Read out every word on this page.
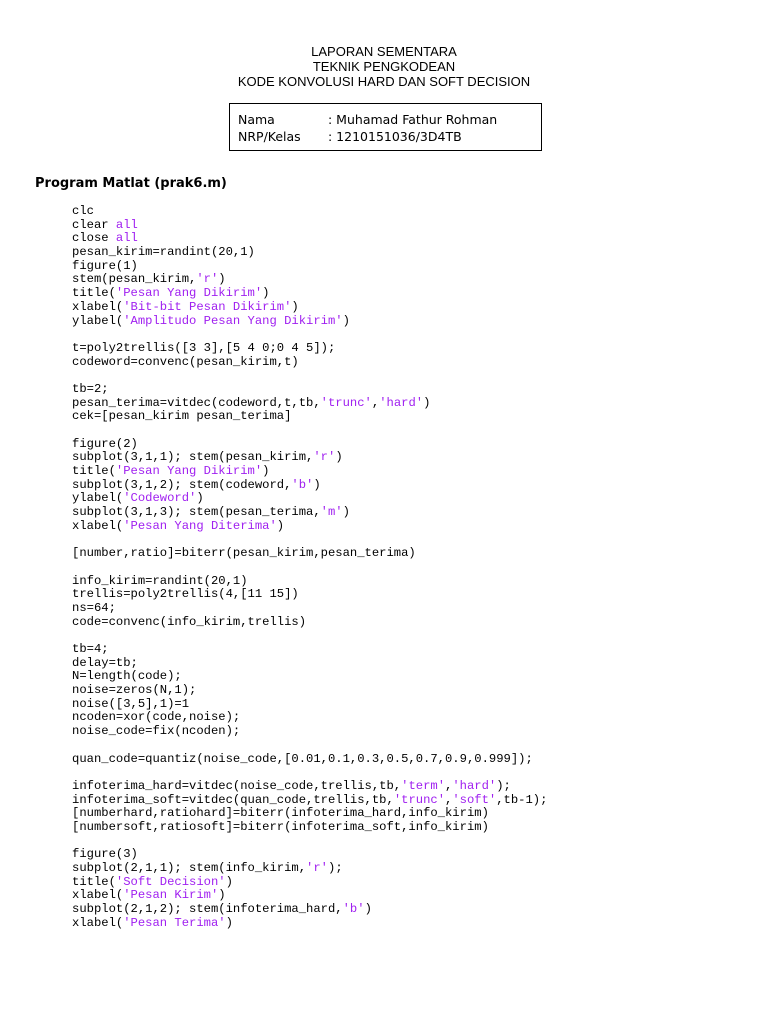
LAPORAN SEMENTARA
TEKNIK PENGKODEAN
KODE KONVOLUSI HARD DAN SOFT DECISION
Nama	: Muhamad Fathur Rohman
NRP/Kelas : 1210151036/3D4TB
Program Matlat (prak6.m)
clc
clear all
close all
pesan_kirim=randint(20,1)
figure(1)
stem(pesan_kirim,'r')
title('Pesan Yang Dikirim')
xlabel('Bit-bit Pesan Dikirim')
ylabel('Amplitudo Pesan Yang Dikirim')
t=poly2trellis([3 3],[5 4 0;0 4 5]);
codeword=convenc(pesan_kirim,t)
tb=2;
pesan_terima=vitdec(codeword,t,tb,'trunc','hard')
cek=[pesan_kirim pesan_terima]
figure(2)
subplot(3,1,1); stem(pesan_kirim,'r')
title('Pesan Yang Dikirim')
subplot(3,1,2); stem(codeword,'b')
ylabel('Codeword')
subplot(3,1,3); stem(pesan_terima,'m')
xlabel('Pesan Yang Diterima')
[number,ratio]=biterr(pesan_kirim,pesan_terima)
info_kirim=randint(20,1)
trellis=poly2trellis(4,[11 15])
ns=64;
code=convenc(info_kirim,trellis)
tb=4;
delay=tb;
N=length(code);
noise=zeros(N,1);
noise([3,5],1)=1
ncoden=xor(code,noise);
noise_code=fix(ncoden);
quan_code=quantiz(noise_code,[0.01,0.1,0.3,0.5,0.7,0.9,0.999]);
infoterima_hard=vitdec(noise_code,trellis,tb,'term','hard');
infoterima_soft=vitdec(quan_code,trellis,tb,'trunc','soft',tb-1);
[numberhard,ratiohard]=biterr(infoterima_hard,info_kirim)
[numbersoft,ratiosoft]=biterr(infoterima_soft,info_kirim)
figure(3)
subplot(2,1,1); stem(info_kirim,'r');
title('Soft Decision')
xlabel('Pesan Kirim')
subplot(2,1,2); stem(infoterima_hard,'b')
xlabel('Pesan Terima')
